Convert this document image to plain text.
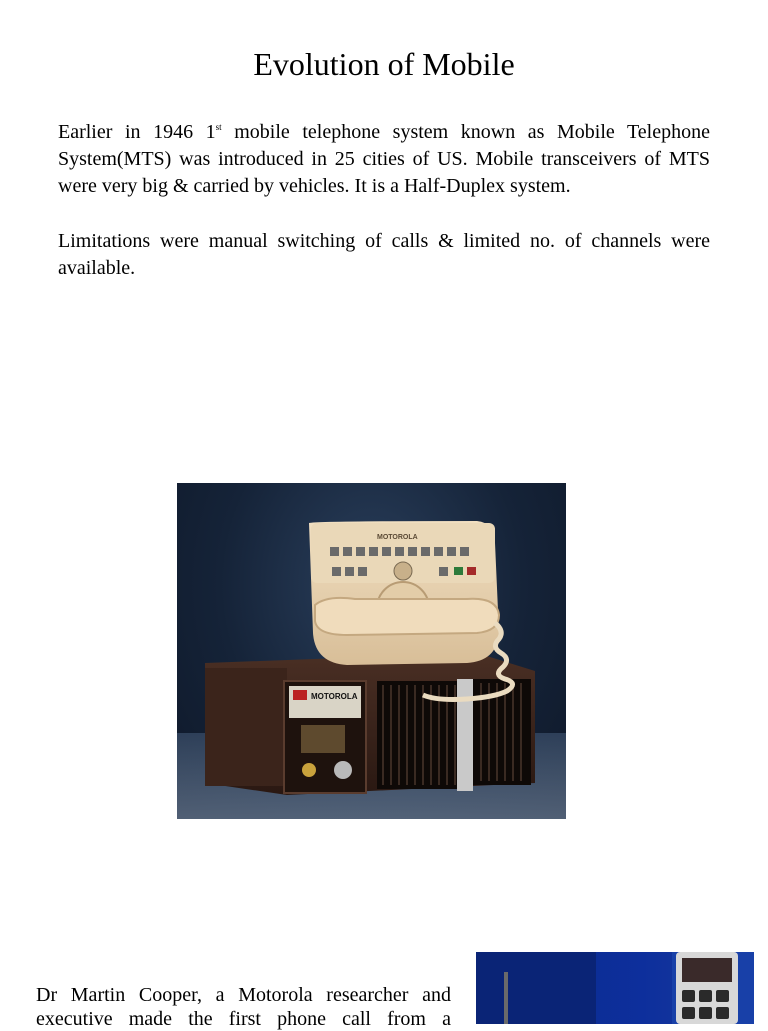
Evolution of Mobile

Earlier in 1946 1st mobile telephone system known as Mobile Telephone System(MTS) was introduced in 25 cities of US. Mobile transceivers of MTS were very big & carried by vehicles. It is a Half-Duplex system.

Limitations were manual switching of calls & limited no. of channels were available.

MOTOROLA
MOTOROLA

Dr Martin Cooper, a Motorola researcher and executive made the first phone call from a
